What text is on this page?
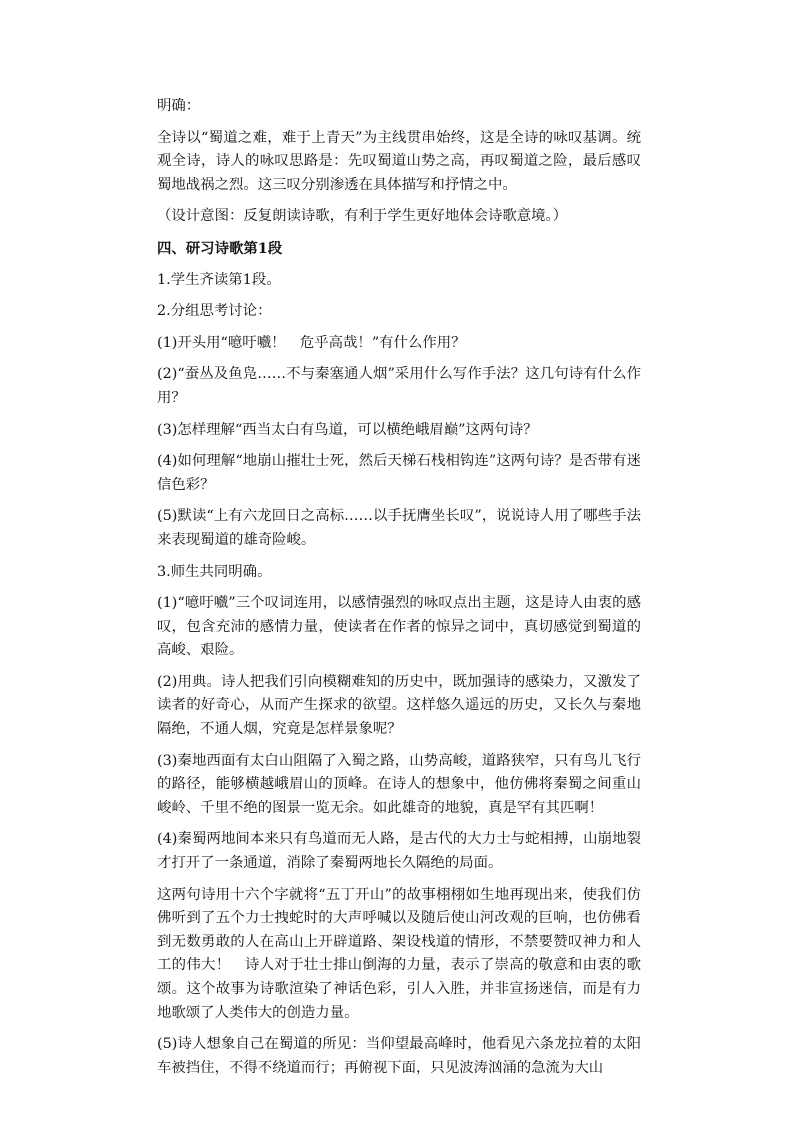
明确：

全诗以“蜀道之难，难于上青天”为主线贯串始终，这是全诗的咏叹基调。统观全诗，诗人的咏叹思路是：先叹蜀道山势之高，再叹蜀道之险，最后感叹蜀地战祸之烈。这三叹分别渗透在具体描写和抒情之中。

（设计意图：反复朗读诗歌，有利于学生更好地体会诗歌意境。）

四、研习诗歌第1段

1.学生齐读第1段。

2.分组思考讨论：

(1)开头用“噫吁嚱！　危乎高哉！”有什么作用？

(2)“蚕丛及鱼凫……不与秦塞通人烟”采用什么写作手法？这几句诗有什么作用？

(3)怎样理解“西当太白有鸟道，可以横绝峨眉巅”这两句诗？

(4)如何理解“地崩山摧壮士死，然后天梯石栈相钩连”这两句诗？是否带有迷信色彩？

(5)默读“上有六龙回日之高标……以手抚膺坐长叹”，说说诗人用了哪些手法来表现蜀道的雄奇险峻。

3.师生共同明确。

(1)“噫吁嚱”三个叹词连用，以感情强烈的咏叹点出主题，这是诗人由衷的感叹，包含充沛的感情力量，使读者在作者的惊异之词中，真切感觉到蜀道的高峻、艰险。

(2)用典。诗人把我们引向模糊难知的历史中，既加强诗的感染力，又激发了读者的好奇心，从而产生探求的欲望。这样悠久遥远的历史，又长久与秦地隔绝，不通人烟，究竟是怎样景象呢？

(3)秦地西面有太白山阻隔了入蜀之路，山势高峻，道路狭窄，只有鸟儿飞行的路径，能够横越峨眉山的顶峰。在诗人的想象中，他仿佛将秦蜀之间重山峻岭、千里不绝的图景一览无余。如此雄奇的地貌，真是罕有其匹啊！

(4)秦蜀两地间本来只有鸟道而无人路，是古代的大力士与蛇相搏，山崩地裂才打开了一条通道，消除了秦蜀两地长久隔绝的局面。

这两句诗用十六个字就将“五丁开山”的故事栩栩如生地再现出来，使我们仿佛听到了五个力士拽蛇时的大声呼喊以及随后使山河改观的巨响，也仿佛看到无数勇敢的人在高山上开辟道路、架设栈道的情形，不禁要赞叹神力和人工的伟大！　诗人对于壮士排山倒海的力量，表示了崇高的敬意和由衷的歌颂。这个故事为诗歌渲染了神话色彩，引人入胜，并非宣扬迷信，而是有力地歌颂了人类伟大的创造力量。

(5)诗人想象自己在蜀道的所见：当仰望最高峰时，他看见六条龙拉着的太阳车被挡住，不得不绕道而行；再俯视下面，只见波涛汹涌的急流为大山
